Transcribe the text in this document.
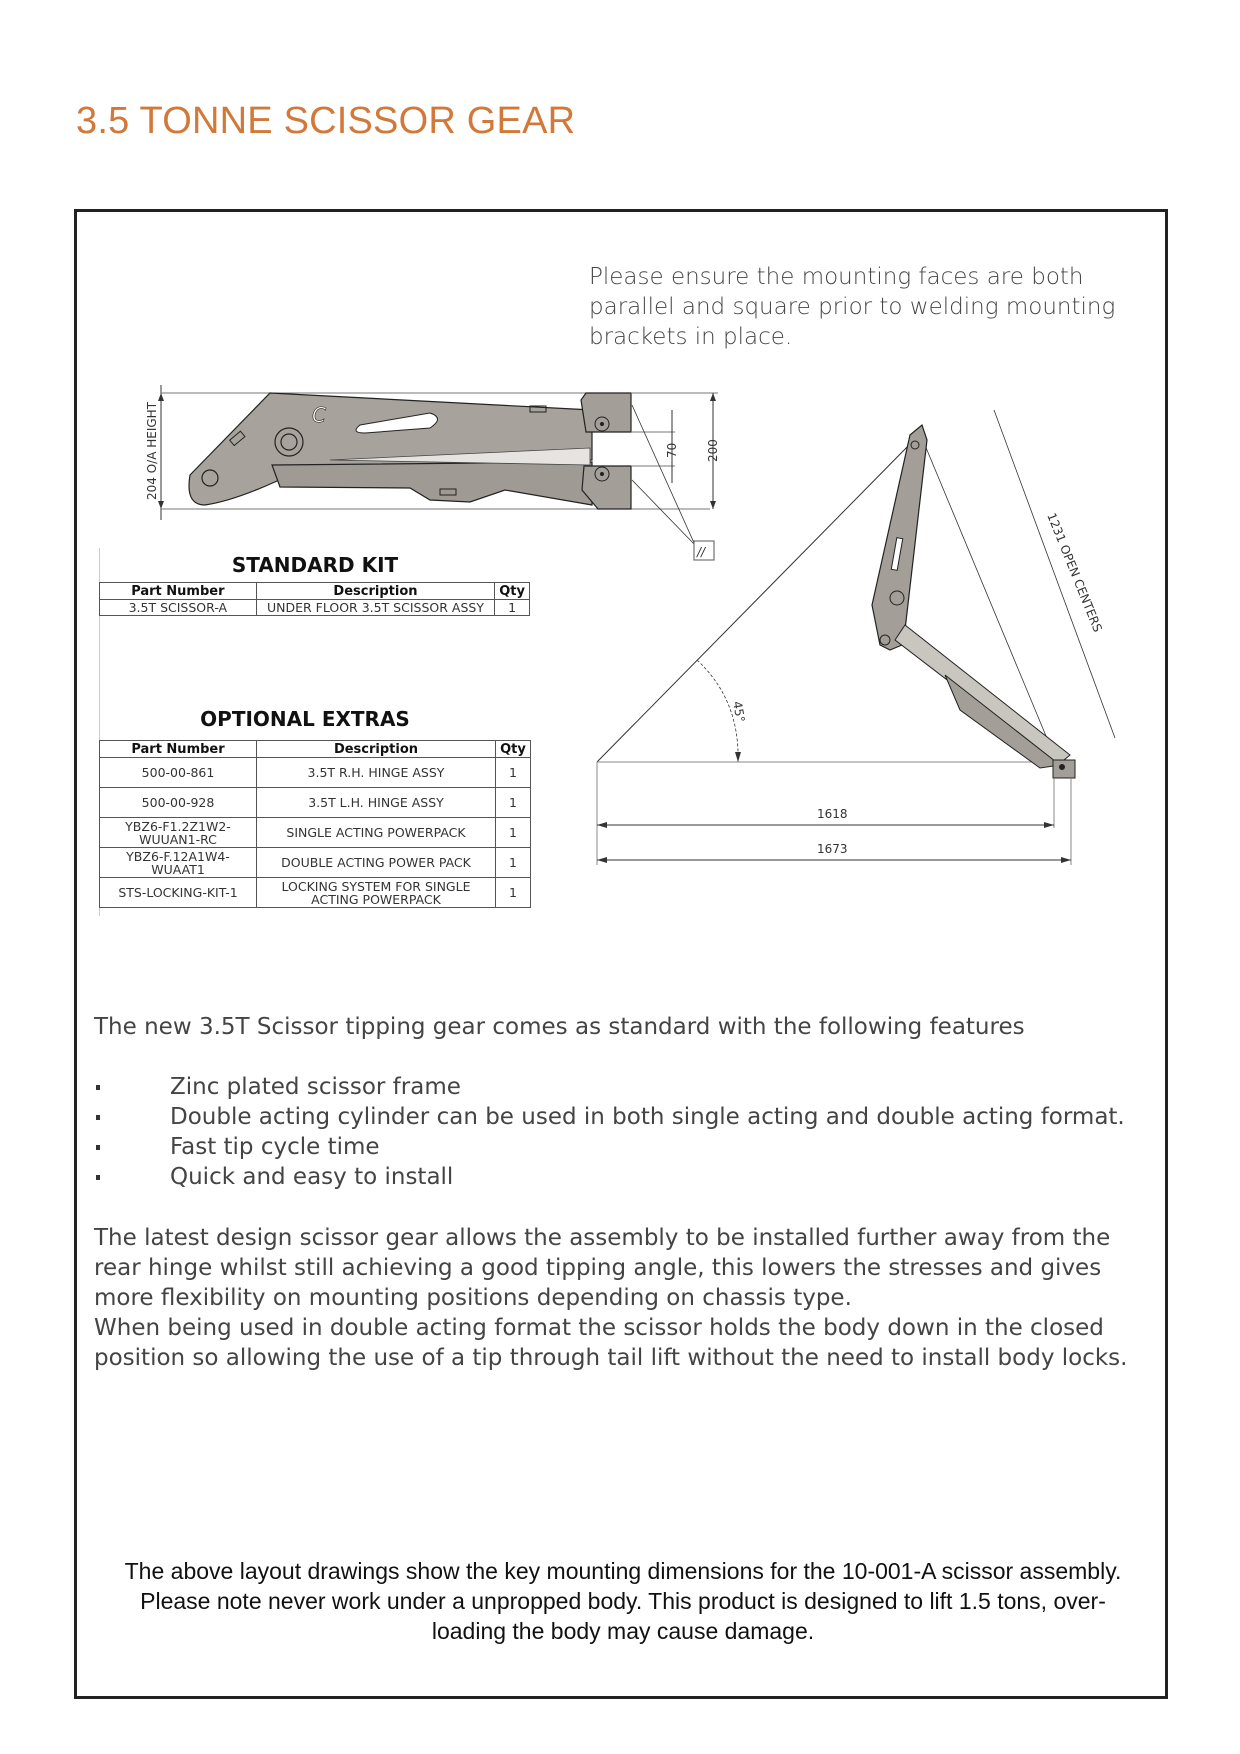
3.5 TONNE SCISSOR GEAR
Please ensure the mounting faces are both parallel and square prior to welding mounting brackets in place.
204 O/A HEIGHT	C
70 200
//
45°
1231 OPEN CENTERS
1618
1673
STANDARD KIT
Part Number	Description	Qty
3.5T SCISSOR-A	UNDER FLOOR 3.5T SCISSOR ASSY	1
OPTIONAL EXTRAS
Part Number	Description	Qty
500-00-861	3.5T R.H. HINGE ASSY	1
500-00-928	3.5T L.H. HINGE ASSY	1
YBZ6-F1.2Z1W2-WUUAN1-RC	SINGLE ACTING POWERPACK	1
YBZ6-F.12A1W4-WUAAT1	DOUBLE ACTING POWER PACK	1
STS-LOCKING-KIT-1	LOCKING SYSTEM FOR SINGLE ACTING POWERPACK	1
The new 3.5T Scissor tipping gear comes as standard with the following features
Zinc plated scissor frame
Double acting cylinder can be used in both single acting and double acting format.
Fast tip cycle time
Quick and easy to install
The latest design scissor gear allows the assembly to be installed further away from the rear hinge whilst still achieving a good tipping angle, this lowers the stresses and gives more flexibility on mounting positions depending on chassis type.
When being used in double acting format the scissor holds the body down in the closed position so allowing the use of a tip through tail lift without the need to install body locks.
The above layout drawings show the key mounting dimensions for the 10-001-A scissor assembly.
Please note never work under a unpropped body. This product is designed to lift 1.5 tons, over-
loading the body may cause damage.
